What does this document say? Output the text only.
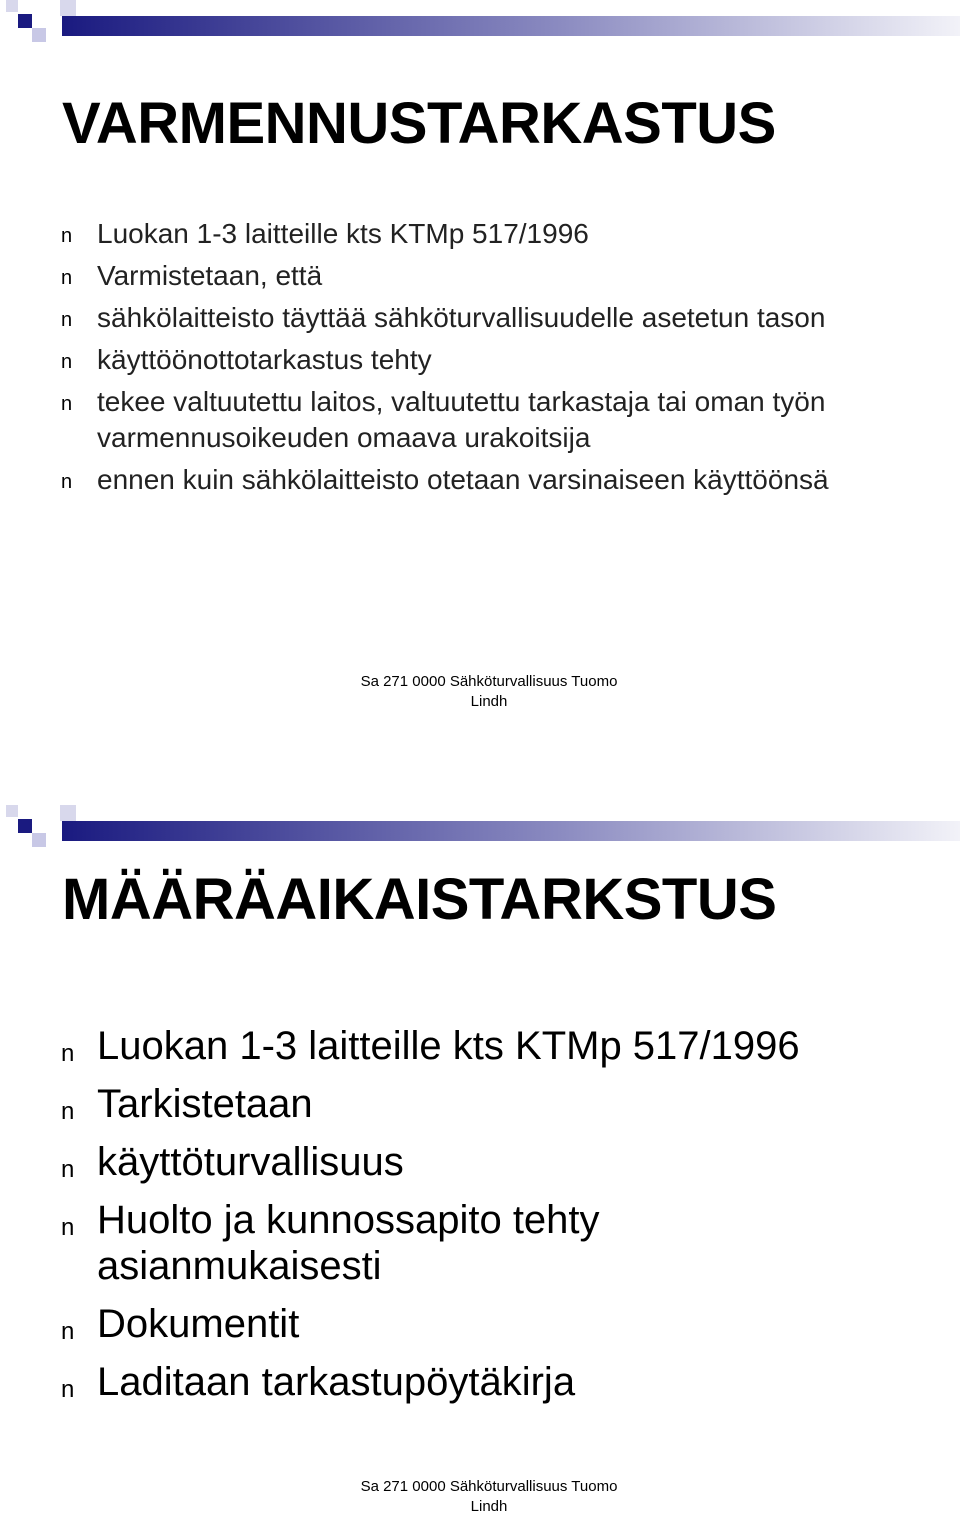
VARMENNUSTARKASTUS
n Luokan 1-3 laitteille kts KTMp 517/1996
n Varmistetaan, että
n sähkölaitteisto täyttää sähköturvallisuudelle asetetun tason
n käyttöönottotarkastus tehty
n tekee valtuutettu laitos, valtuutettu tarkastaja tai oman työn varmennusoikeuden omaava urakoitsija
n ennen kuin sähkölaitteisto otetaan varsinaiseen käyttöönsä
Sa 271 0000 Sähköturvallisuus Tuomo
Lindh
MÄÄRÄAIKAISTARKSTUS
n Luokan 1-3 laitteille kts KTMp 517/1996
n Tarkistetaan
n käyttöturvallisuus
n Huolto ja kunnossapito tehty asianmukaisesti
n Dokumentit
n Laditaan tarkastupöytäkirja
Sa 271 0000 Sähköturvallisuus Tuomo
Lindh
